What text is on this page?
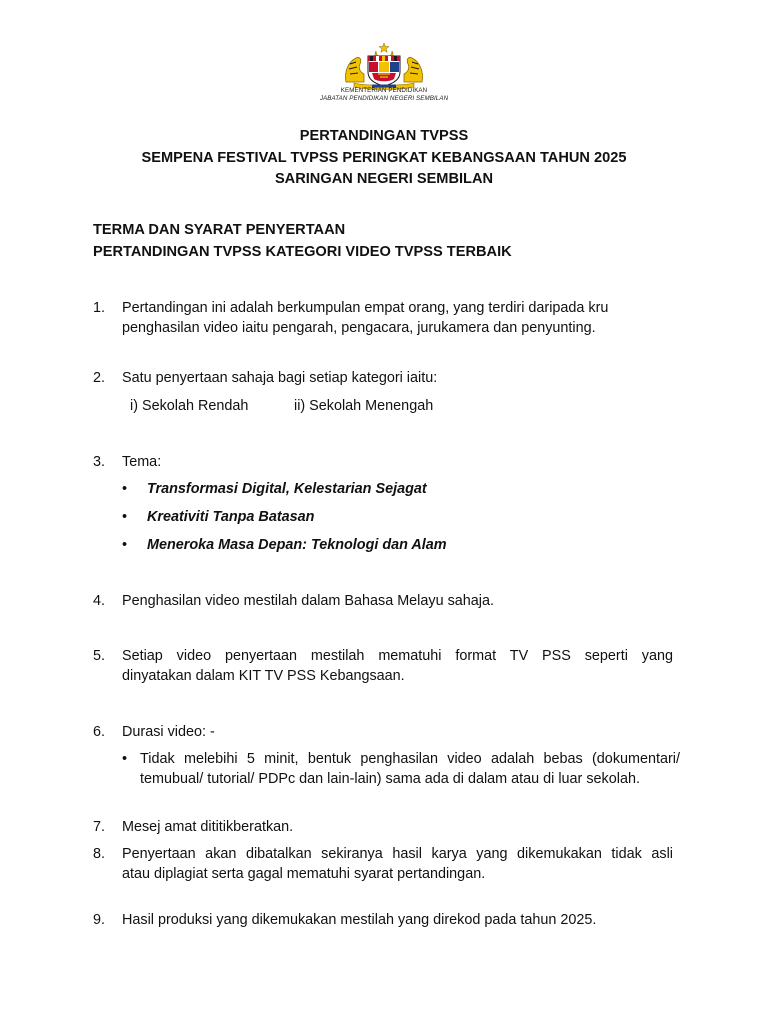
KEMENTERIAN PENDIDIKAN
JABATAN PENDIDIKAN NEGERI SEMBILAN
PERTANDINGAN TVPSS
SEMPENA FESTIVAL TVPSS PERINGKAT KEBANGSAAN TAHUN 2025
SARINGAN NEGERI SEMBILAN
TERMA DAN SYARAT PENYERTAAN
PERTANDINGAN TVPSS KATEGORI VIDEO TVPSS TERBAIK
1. Pertandingan ini adalah berkumpulan empat orang, yang terdiri daripada kru
penghasilan video iaitu pengarah, pengacara, jurukamera dan penyunting.
2. Satu penyertaan sahaja bagi setiap kategori iaitu:
i) Sekolah Rendah	ii) Sekolah Menengah
3. Tema:
• Transformasi Digital, Kelestarian Sejagat
• Kreativiti Tanpa Batasan
• Meneroka Masa Depan: Teknologi dan Alam
4. Penghasilan video mestilah dalam Bahasa Melayu sahaja.
5. Setiap video penyertaan mestilah mematuhi format TV PSS seperti yang
dinyatakan dalam KIT TV PSS Kebangsaan.
6. Durasi video: -
• Tidak melebihi 5 minit, bentuk penghasilan video adalah bebas (dokumentari/
temubual/ tutorial/ PDPc dan lain-lain) sama ada di dalam atau di luar sekolah.
7. Mesej amat dititikberatkan.
8. Penyertaan akan dibatalkan sekiranya hasil karya yang dikemukakan tidak asli
atau diplagiat serta gagal mematuhi syarat pertandingan.
9. Hasil produksi yang dikemukakan mestilah yang direkod pada tahun 2025.
